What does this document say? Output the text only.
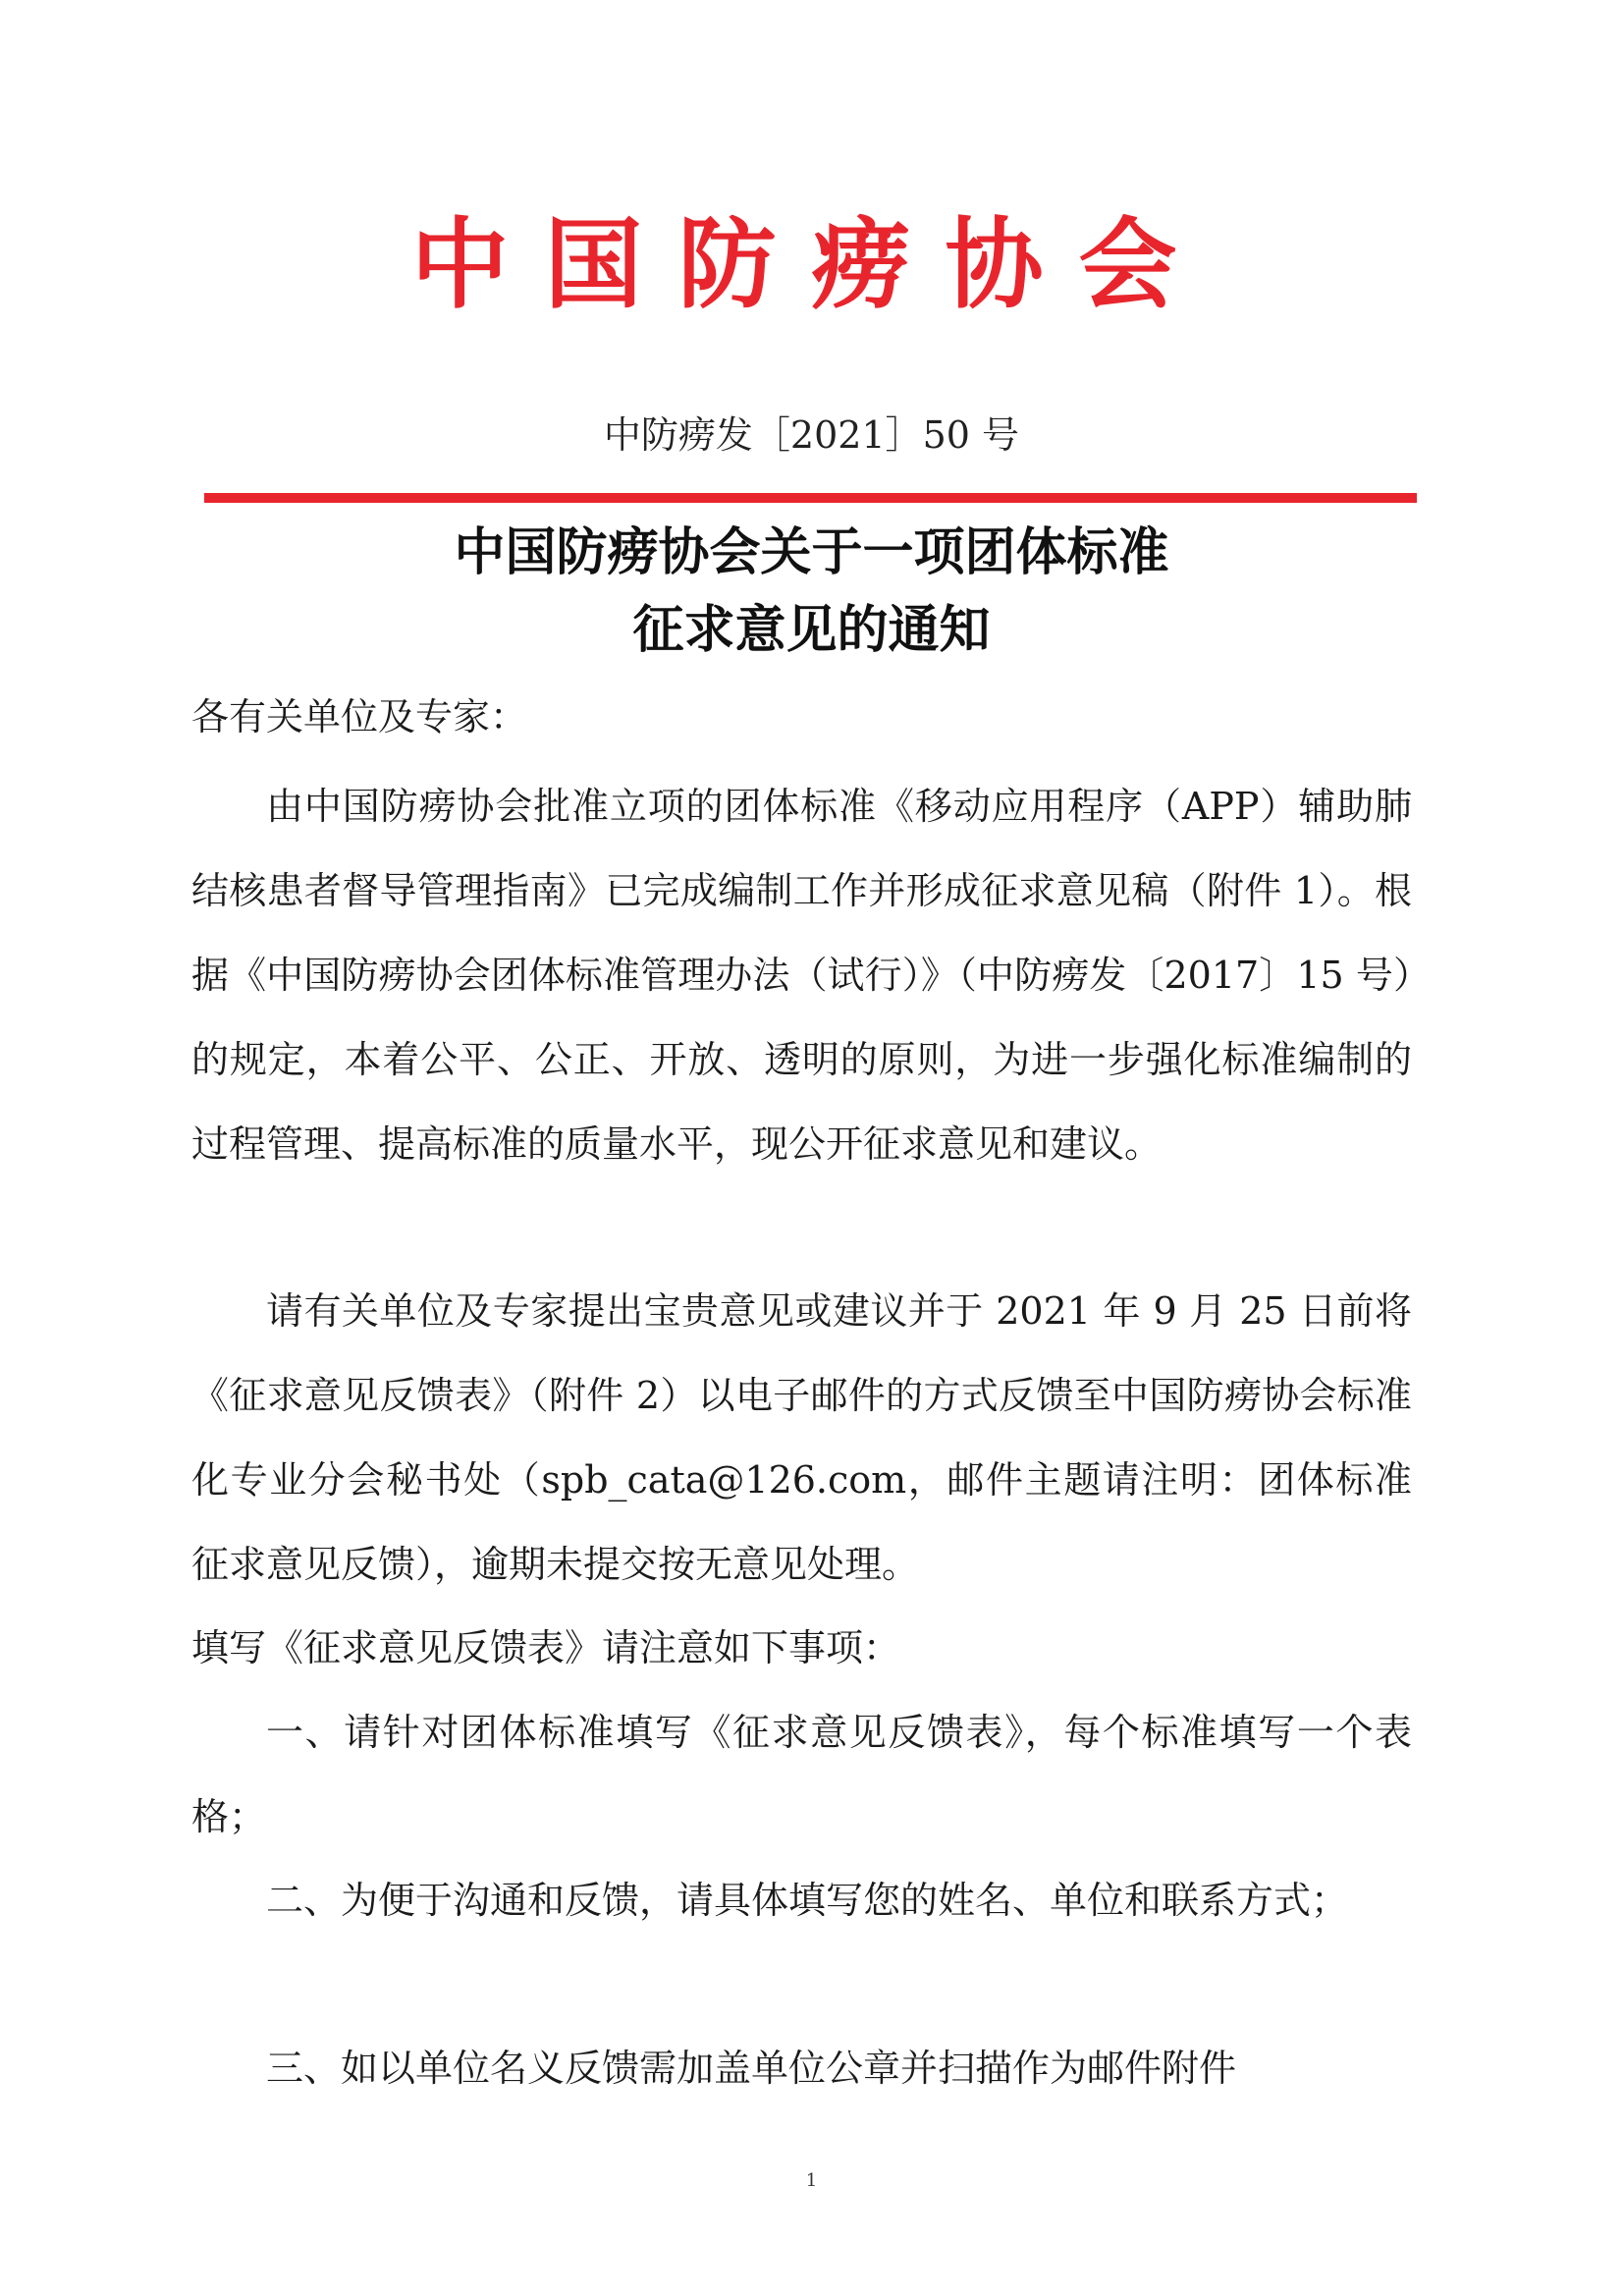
中国防痨协会
中防痨发［2021］50 号
中国防痨协会关于一项团体标准
征求意见的通知
各有关单位及专家：

由中国防痨协会批准立项的团体标准《移动应用程序（APP）辅助肺结核患者督导管理指南》已完成编制工作并形成征求意见稿（附件 1）。根据《中国防痨协会团体标准管理办法（试行）》（中防痨发〔2017〕15 号）的规定，本着公平、公正、开放、透明的原则，为进一步强化标准编制的过程管理、提高标准的质量水平，现公开征求意见和建议。

请有关单位及专家提出宝贵意见或建议并于 2021 年 9 月 25 日前将《征求意见反馈表》（附件 2）以电子邮件的方式反馈至中国防痨协会标准化专业分会秘书处（spb_cata@126.com，邮件主题请注明：团体标准征求意见反馈），逾期未提交按无意见处理。

填写《征求意见反馈表》请注意如下事项：

一、请针对团体标准填写《征求意见反馈表》，每个标准填写一个表格；

二、为便于沟通和反馈，请具体填写您的姓名、单位和联系方式；

三、如以单位名义反馈需加盖单位公章并扫描作为邮件附件

1
